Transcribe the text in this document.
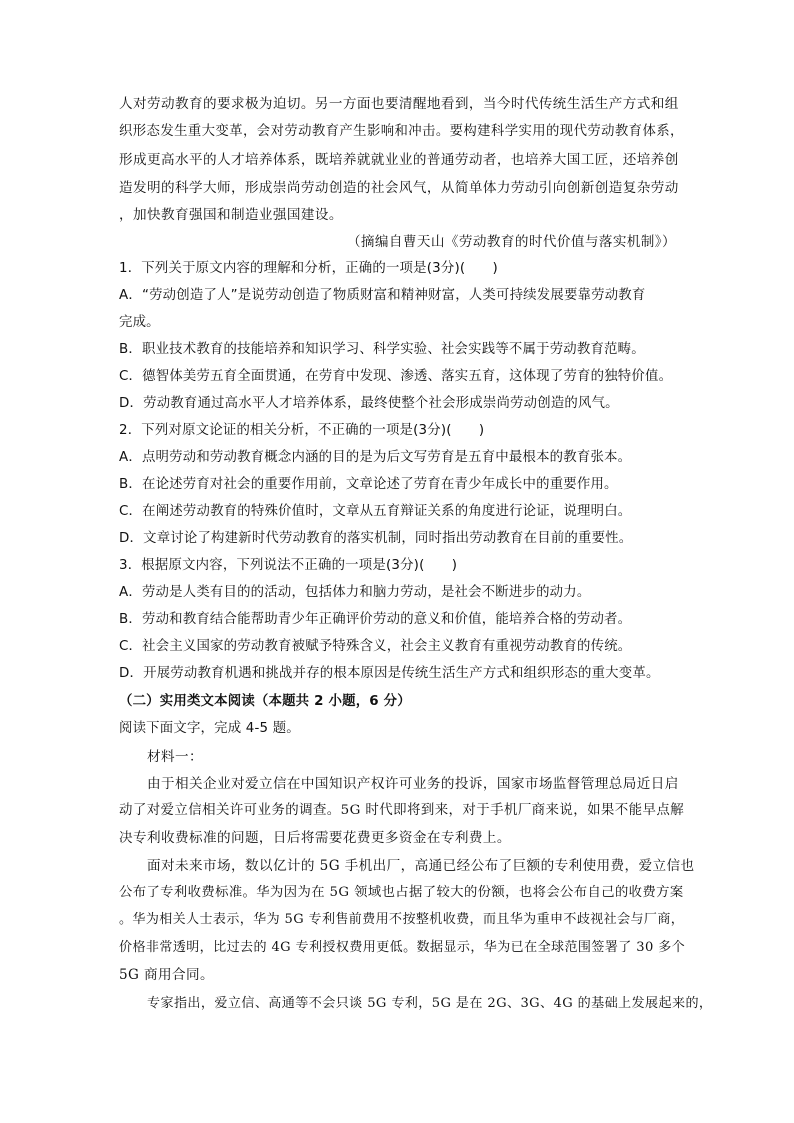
人对劳动教育的要求极为迫切。另一方面也要清醒地看到，当今时代传统生活生产方式和组
织形态发生重大变革，会对劳动教育产生影响和冲击。要构建科学实用的现代劳动教育体系，
形成更高水平的人才培养体系，既培养就就业业的普通劳动者，也培养大国工匠，还培养创
造发明的科学大师，形成崇尚劳动创造的社会风气，从简单体力劳动引向创新创造复杂劳动
，加快教育强国和制造业强国建设。
（摘编自曹天山《劳动教育的时代价值与落实机制》）
1．下列关于原文内容的理解和分析，正确的一项是(3分)(　　)
A．“劳动创造了人”是说劳动创造了物质财富和精神财富，人类可持续发展要靠劳动教育
完成。
B．职业技术教育的技能培养和知识学习、科学实验、社会实践等不属于劳动教育范畴。
C．德智体美劳五育全面贯通，在劳育中发现、渗透、落实五育，这体现了劳育的独特价值。
D．劳动教育通过高水平人才培养体系，最终使整个社会形成崇尚劳动创造的风气。
2．下列对原文论证的相关分析，不正确的一项是(3分)(　　)
A．点明劳动和劳动教育概念内涵的目的是为后文写劳育是五育中最根本的教育张本。
B．在论述劳育对社会的重要作用前，文章论述了劳育在青少年成长中的重要作用。
C．在阐述劳动教育的特殊价值时，文章从五育辩证关系的角度进行论证，说理明白。
D．文章讨论了构建新时代劳动教育的落实机制，同时指出劳动教育在目前的重要性。
3．根据原文内容，下列说法不正确的一项是(3分)(　　)
A．劳动是人类有目的的活动，包括体力和脑力劳动，是社会不断进步的动力。
B．劳动和教育结合能帮助青少年正确评价劳动的意义和价值，能培养合格的劳动者。
C．社会主义国家的劳动教育被赋予特殊含义，社会主义教育有重视劳动教育的传统。
D．开展劳动教育机遇和挑战并存的根本原因是传统生活生产方式和组织形态的重大变革。
（二）实用类文本阅读（本题共 2 小题，6 分）
阅读下面文字，完成 4-5 题。
材料一：
由于相关企业对爱立信在中国知识产权许可业务的投诉，国家市场监督管理总局近日启
动了对爱立信相关许可业务的调查。5G 时代即将到来，对于手机厂商来说，如果不能早点解
决专利收费标准的问题，日后将需要花费更多资金在专利费上。
面对未来市场，数以亿计的 5G 手机出厂，高通已经公布了巨额的专利使用费，爱立信也
公布了专利收费标准。华为因为在 5G 领域也占据了较大的份额，也将会公布自己的收费方案
。华为相关人士表示，华为 5G 专利售前费用不按整机收费，而且华为重申不歧视社会与厂商，
价格非常透明，比过去的 4G 专利授权费用更低。数据显示，华为已在全球范围签署了 30 多个
5G 商用合同。
专家指出，爱立信、高通等不会只谈 5G 专利，5G 是在 2G、3G、4G 的基础上发展起来的，
